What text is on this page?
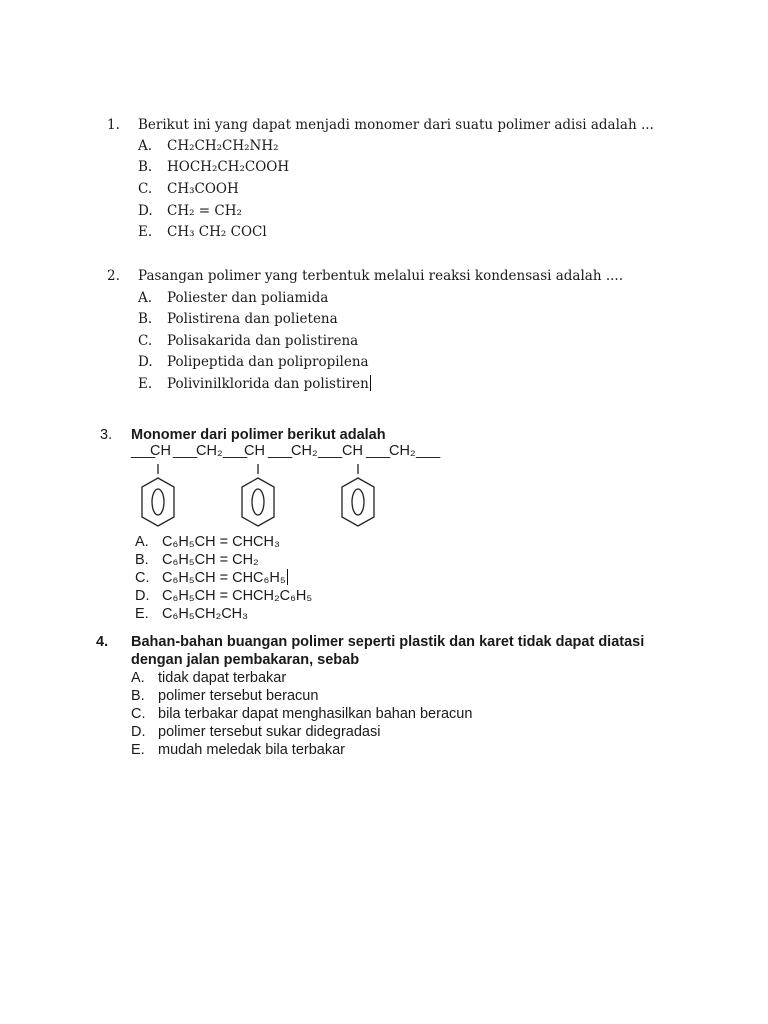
1. Berikut ini yang dapat menjadi monomer dari suatu polimer adisi adalah ...
A. CH₂CH₂CH₂NH₂
B. HOCH₂CH₂COOH
C. CH₃COOH
D. CH₂ = CH₂
E. CH₃ CH₂ COCl
2. Pasangan polimer yang terbentuk melalui reaksi kondensasi adalah ....
A. Poliester dan poliamida
B. Polistirena dan polietena
C. Polisakarida dan polistirena
D. Polipeptida dan polipropilena
E. Polivinilklorida dan polistiren
3. Monomer dari polimer berikut adalah
___
CH ___
CH₂ ___
CH ___
CH₂ ___ CH ___
CH₂ ___
A. C₆H₅CH = CHCH₃
B. C₆H₅CH = CH₂
C. C₆H₅CH = CHC₆H₅
D. C₆H₅CH = CHCH₂C₆H₅
E. C₆H₅CH₂CH₃
4. Bahan-bahan buangan polimer seperti plastik dan karet tidak dapat diatasi
dengan jalan pembakaran, sebab
A. tidak dapat terbakar
B. polimer tersebut beracun
C. bila terbakar dapat menghasilkan bahan beracun
D. polimer tersebut sukar didegradasi
E. mudah meledak bila terbakar
